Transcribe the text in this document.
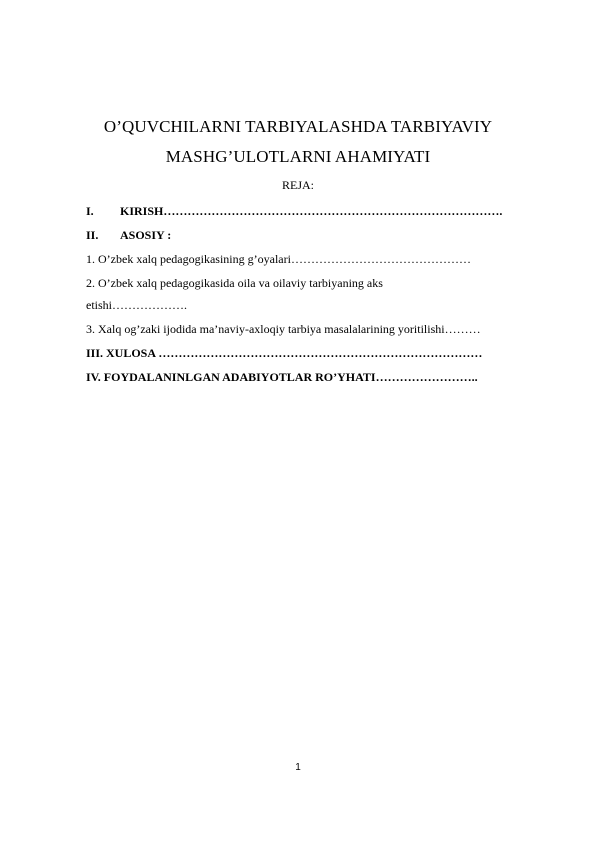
O’QUVCHILARNI TARBIYALASHDA TARBIYAVIY
MASHG’ULOTLARNI AHAMIYATI
REJA:
I. KIRISH………………………………………………………………………….
II. ASOSIY :
1. O’zbek xalq pedagogikasining g’oyalari………………………………………
2. O’zbek xalq pedagogikasida oila va oilaviy tarbiyaning aks
etishi……………….
3. Xalq og’zaki ijodida ma’naviy-axloqiy tarbiya masalalarining yoritilishi………
III. XULOSA ………………………………………………………………………
IV. FOYDALANINLGAN ADABIYOTLAR RO’YHATI……………………..
1
